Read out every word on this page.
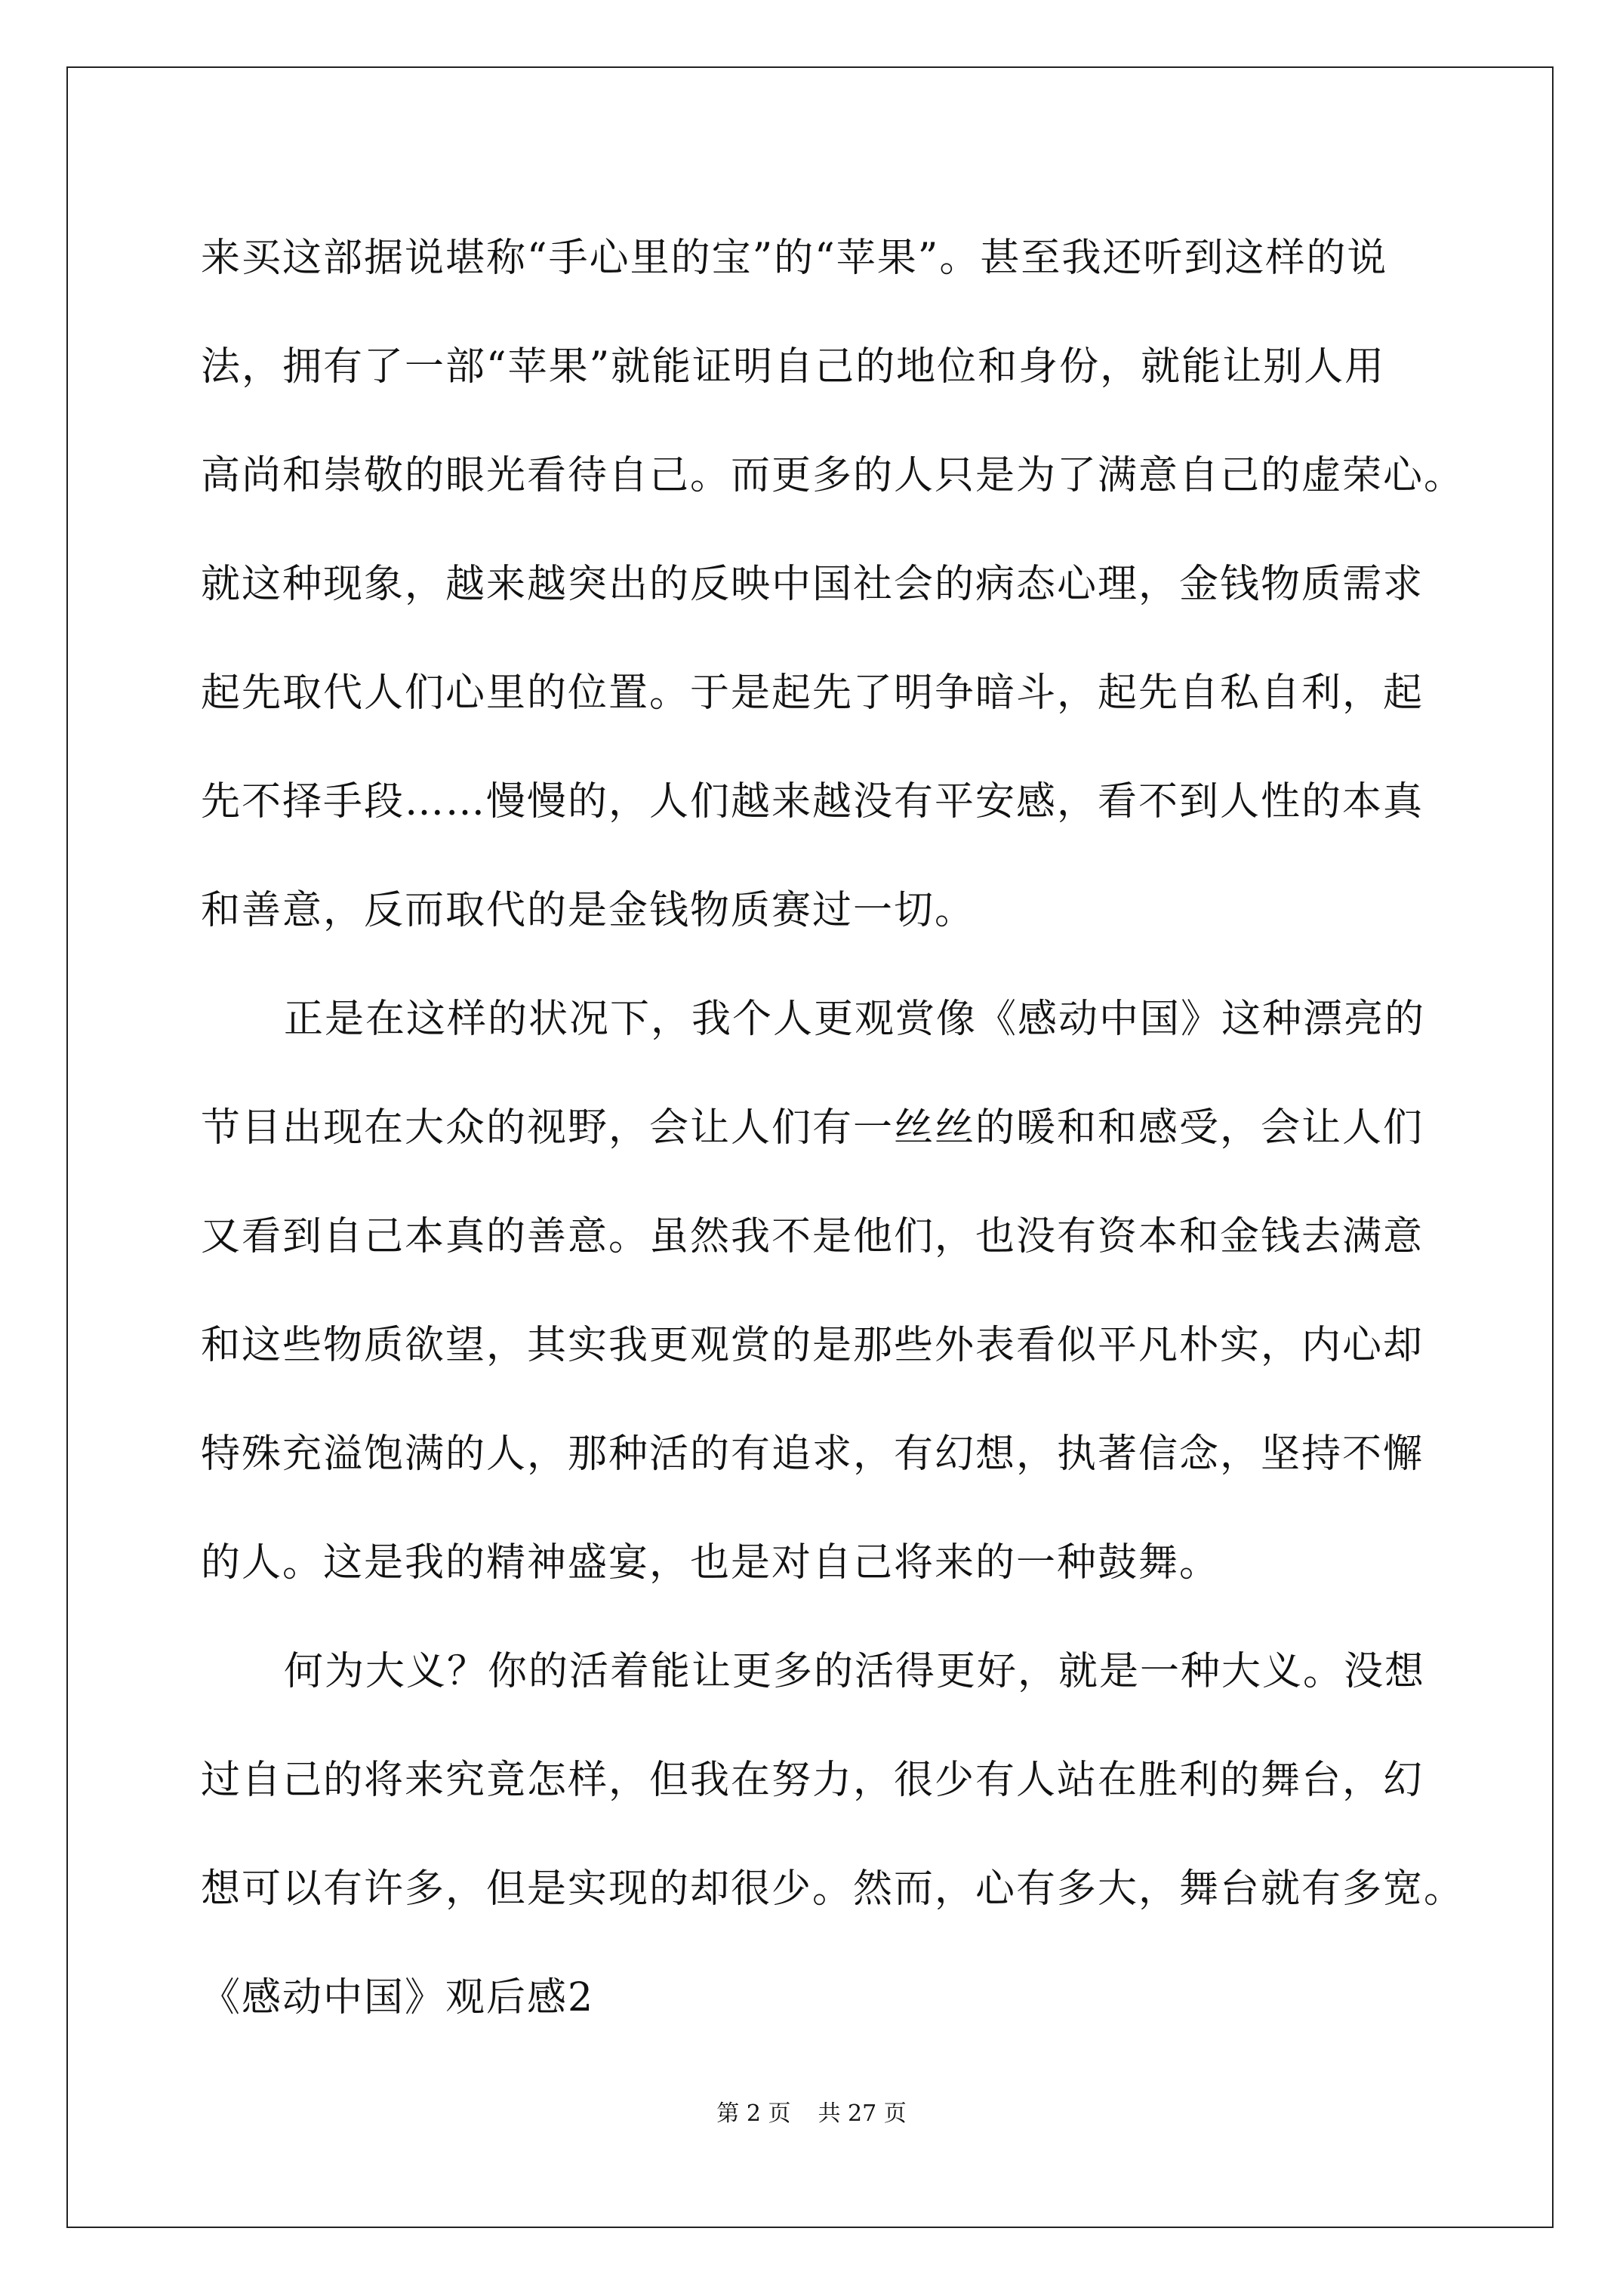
来买这部据说堪称“手心里的宝”的“苹果”。甚至我还听到这样的说
法，拥有了一部“苹果”就能证明自己的地位和身份，就能让别人用
高尚和崇敬的眼光看待自己。而更多的人只是为了满意自己的虚荣心。
就这种现象，越来越突出的反映中国社会的病态心理，金钱物质需求
起先取代人们心里的位置。于是起先了明争暗斗，起先自私自利，起
先不择手段……慢慢的，人们越来越没有平安感，看不到人性的本真
和善意，反而取代的是金钱物质赛过一切。
正是在这样的状况下，我个人更观赏像《感动中国》这种漂亮的
节目出现在大众的视野，会让人们有一丝丝的暖和和感受，会让人们
又看到自己本真的善意。虽然我不是他们，也没有资本和金钱去满意
和这些物质欲望，其实我更观赏的是那些外表看似平凡朴实，内心却
特殊充溢饱满的人，那种活的有追求，有幻想，执著信念，坚持不懈
的人。这是我的精神盛宴，也是对自己将来的一种鼓舞。
何为大义？你的活着能让更多的活得更好，就是一种大义。没想
过自己的将来究竟怎样，但我在努力，很少有人站在胜利的舞台，幻
想可以有许多，但是实现的却很少。然而，心有多大，舞台就有多宽。
《感动中国》观后感2
第 2 页 共 27 页
